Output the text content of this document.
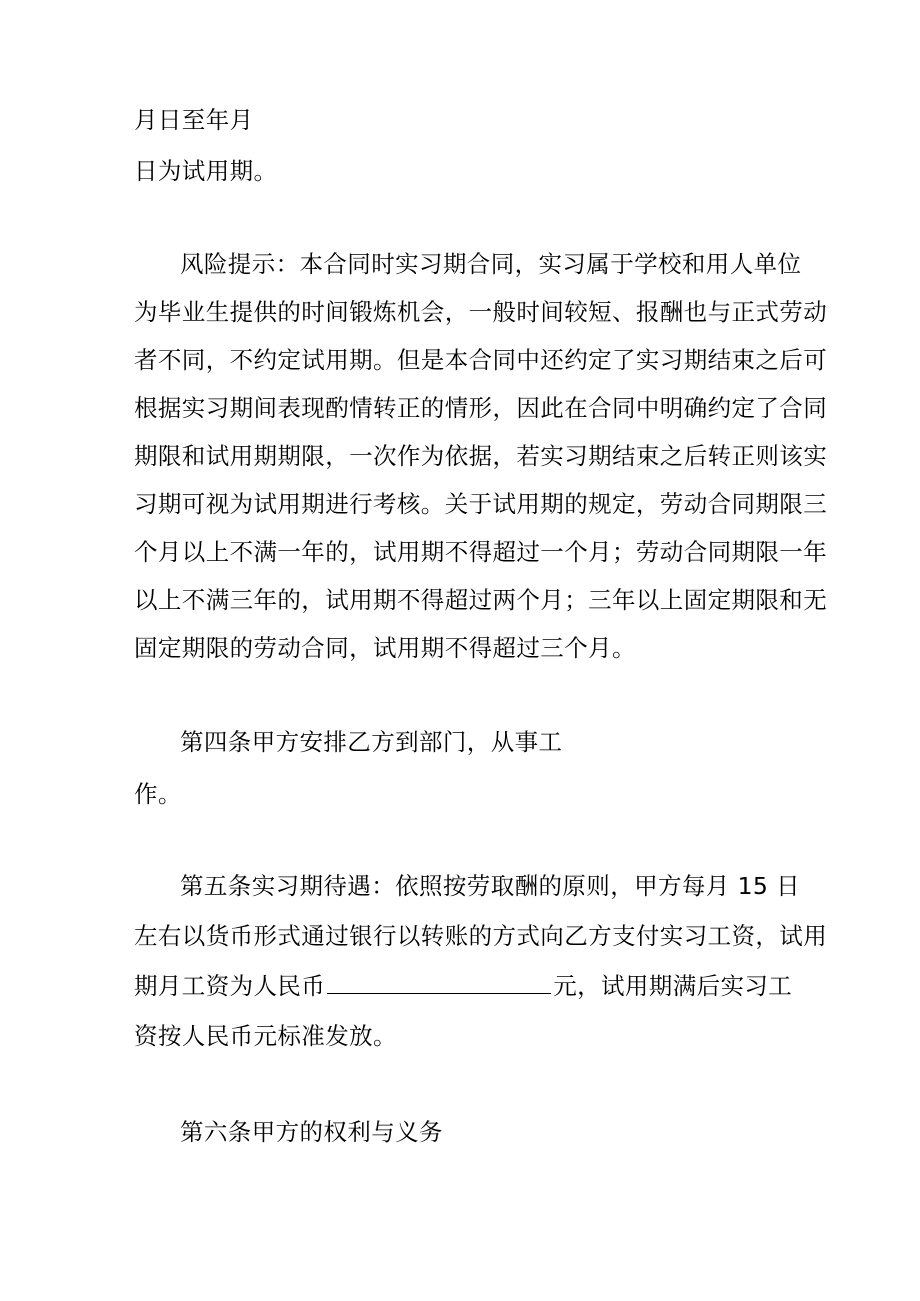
月日至年月
日为试用期。
风险提示：本合同时实习期合同，实习属于学校和用人单位
为毕业生提供的时间锻炼机会，一般时间较短、报酬也与正式劳动
者不同，不约定试用期。但是本合同中还约定了实习期结束之后可
根据实习期间表现酌情转正的情形，因此在合同中明确约定了合同
期限和试用期期限，一次作为依据，若实习期结束之后转正则该实
习期可视为试用期进行考核。关于试用期的规定，劳动合同期限三
个月以上不满一年的，试用期不得超过一个月；劳动合同期限一年
以上不满三年的，试用期不得超过两个月；三年以上固定期限和无
固定期限的劳动合同，试用期不得超过三个月。
第四条甲方安排乙方到部门，从事工
作。
第五条实习期待遇：依照按劳取酬的原则，甲方每月 15 日
左右以货币形式通过银行以转账的方式向乙方支付实习工资，试用
期月工资为人民币	元，试用期满后实习工
资按人民币元标准发放。
第六条甲方的权利与义务
